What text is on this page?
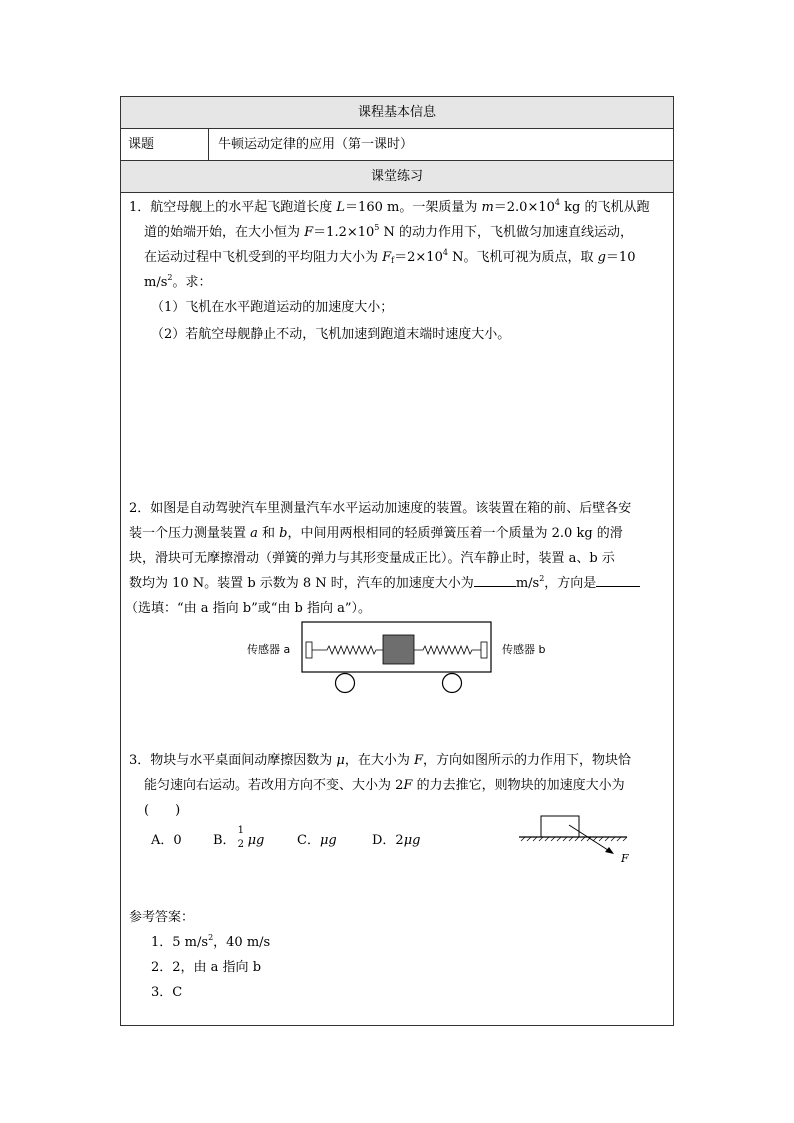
课程基本信息
课题	牛顿运动定律的应用（第一课时）
课堂练习
1．航空母舰上的水平起飞跑道长度 L＝160 m。一架质量为 $m=2.0\times 10^4$ kg 的飞机从跑
道的始端开始，在大小恒为 $F=1.2\times 10^5$ N 的动力作用下，飞机做匀加速直线运动，
在运动过程中飞机受到的平均阻力大小为 $F_f=2\times 10^4$ N。飞机可视为质点，取 g＝10
$m/s^2$。求：
（1）飞机在水平跑道运动的加速度大小；
（2）若航空母舰静止不动，飞机加速到跑道末端时速度大小。
2．如图是自动驾驶汽车里测量汽车水平运动加速度的装置。该装置在箱的前、后壁各安
装一个压力测量装置 a 和 b，中间用两根相同的轻质弹簧压着一个质量为 2.0 kg 的滑
块，滑块可无摩擦滑动（弹簧的弹力与其形变量成正比）。汽车静止时，装置 a、b 示
数均为 10 N。装置 b 示数为 8 N 时，汽车的加速度大小为	$m/s^2$，方向是
（选填：“由 a 指向 b”或“由 b 指向 a”）。
传感器 a	传感器 b
3．物块与水平桌面间动摩擦因数为 μ，在大小为 F，方向如图所示的力作用下，物块恰
能匀速向右运动。若改用方向不变、大小为 2F 的力去推它，则物块的加速度大小为
(　　)
A．0 B．
1
2 μg	C．μg	D．2μg
F
参考答案：
1．5 $m/s^2$，40 m/s
2．2，由 a 指向 b
3．C
